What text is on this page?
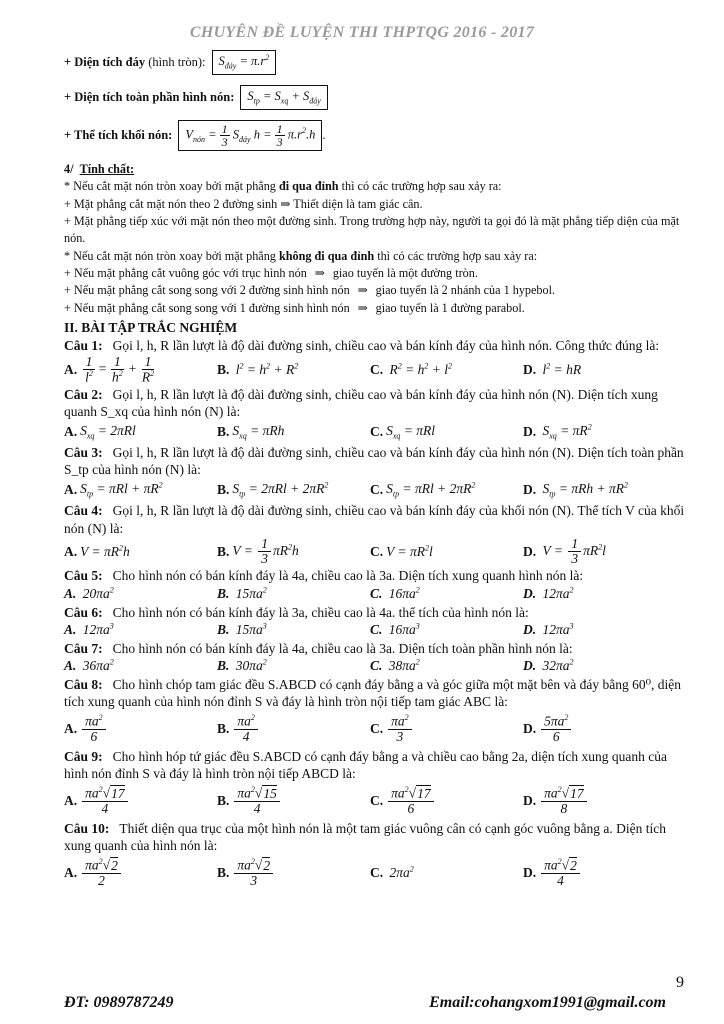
CHUYÊN ĐỀ LUYỆN THI THPTQG 2016 - 2017
+ Diện tích đáy (hình tròn):	$S_{đáy} = \pi.r^2$
+ Diện tích toàn phần hình nón:	$S_{tp} = S_{xq} + S_{đáy}$
+ Thể tích khối nón:	$V_{nón} = \frac{1}{3} S_{đáy}$ $h = \frac{1}{3} \pi.r^2.h$ .

4/ Tính chất:

* Nếu cắt mặt nón tròn xoay bởi mặt phẳng đi qua đỉnh thì có các trường hợp sau xảy ra:

+ Mặt phẳng cắt mặt nón theo 2 đường sinh ⇒ Thiết diện là tam giác cân.

+ Mặt phẳng tiếp xúc với mặt nón theo một đường sinh. Trong trường hợp này, người ta gọi đó là mặt phẳng tiếp diện của mặt nón.

* Nếu cắt mặt nón tròn xoay bởi mặt phẳng không đi qua đỉnh thì có các trường hợp sau xảy ra:

+ Nếu mặt phẳng cắt vuông góc với trục hình nón ⇒ giao tuyến là một đường tròn.

+ Nếu mặt phẳng cắt song song với 2 đường sinh hình nón ⇒ giao tuyến là 2 nhánh của 1 hypebol.

+ Nếu mặt phẳng cắt song song với 1 đường sinh hình nón ⇒ giao tuyến là 1 đường parabol.

II. BÀI TẬP TRẮC NGHIỆM
Câu 1: Gọi l, h, R lần lượt là độ dài đường sinh, chiều cao và bán kính đáy của hình nón. Công thức đúng là:
A. $\frac{1}{l^2} = \frac{1}{h^2} + \frac{1}{R^2}$	B. $l^2 = h^2 + R^2$	C. $R^2 = h^2 + l^2$	D. $l^2$ = hR
Câu 2: Gọi l, h, R lần lượt là độ dài đường sinh, chiều cao và bán kính đáy của hình nón (N). Diện tích xung quanh S_xq của hình nón (N) là:
A. $S_{xq} = 2\pi Rl$	B. $S_{xq} = \pi Rh$	C. $S_{xq} = \pi Rl$	D. $S_{xq} = \pi R^2$
Câu 3: Gọi l, h, R lần lượt là độ dài đường sinh, chiều cao và bán kính đáy của hình nón (N). Diện tích toàn phần S_tp của hình nón (N) là:
A. $S_{tp} = \pi Rl + \pi R^2$	B. $S_{tp} = 2\pi Rl + 2\pi R^2$	C. $S_{tp} = \pi Rl + 2\pi R^2$	D. $S_{tp} = \pi Rh + \pi R^2$
Câu 4: Gọi l, h, R lần lượt là độ dài đường sinh, chiều cao và bán kính đáy của khối nón (N). Thể tích V của khối nón (N) là:
A. $V = \pi R^2h$	B. $V = \frac{1}{3} \pi R^2h$	C. $V = \pi R^2l$	D. $V = \frac{1}{3} \pi R^2l$
Câu 5: Cho hình nón có bán kính đáy là 4a, chiều cao là 3a. Diện tích xung quanh hình nón là:
A. $20\pi a^2$	B. $15\pi a^2$	C. $16\pi a^2$	D. $12\pi a^2$
Câu 6: Cho hình nón có bán kính đáy là 3a, chiều cao là 4a. thể tích của hình nón là:
A. $12\pi a^3$	B. $15\pi a^3$	C. $16\pi a^3$	D. $12\pi a^3$
Câu 7: Cho hình nón có bán kính đáy là 4a, chiều cao là 3a. Diện tích toàn phần hình nón là:
A. $36\pi a^2$	B. $30\pi a^2$	C. $38\pi a^2$	D. $32\pi a^2$
Câu 8: Cho hình chóp tam giác đều S.ABCD có cạnh đáy bằng a và góc giữa một mặt bên và đáy bằng 60⁰, diện tích xung quanh của hình nón đỉnh S và đáy là hình tròn nội tiếp tam giác ABC là:
A. $\frac{\pi a^2}{6}$	B. $\frac{\pi a^2}{4}$	C. $\frac{\pi a^2}{3}$	D. $\frac{5\pi a^2}{6}$
Câu 9: Cho hình hóp tứ giác đều S.ABCD có cạnh đáy bằng a và chiều cao bằng 2a, diện tích xung quanh của hình nón đỉnh S và đáy là hình tròn nội tiếp ABCD là:
A. $\frac{\pi a^2√17}{4}$	B. $\frac{\pi a^2√15}{4}$	C. $\frac{\pi a^2√17}{6}$	D. $\frac{\pi a^2√17}{8}$
Câu 10: Thiết diện qua trục của một hình nón là một tam giác vuông cân có cạnh góc vuông bằng a. Diện tích xung quanh của hình nón là:
A. $\frac{\pi a^2√2}{2}$	B. $\frac{\pi a^2√2}{3}$	C. $2\pi a^2$	D. $\frac{\pi a^2√2}{4}$
9
ĐT: 0989787249	Email:cohangxom1991@gmail.com
